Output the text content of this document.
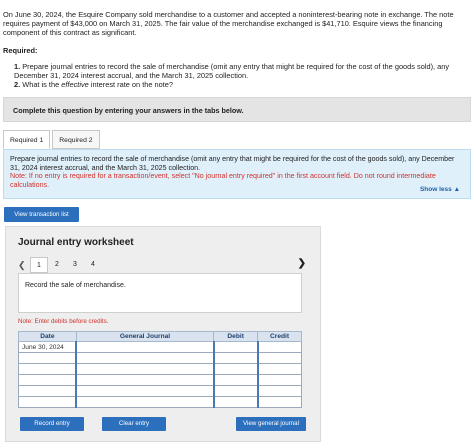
On June 30, 2024, the Esquire Company sold merchandise to a customer and accepted a noninterest-bearing note in exchange. The note requires payment of $43,000 on March 31, 2025. The fair value of the merchandise exchanged is $41,710. Esquire views the financing component of this contract as significant.
Required:
1. Prepare journal entries to record the sale of merchandise (omit any entry that might be required for the cost of the goods sold), any December 31, 2024 interest accrual, and the March 31, 2025 collection.
2. What is the effective interest rate on the note?
Complete this question by entering your answers in the tabs below.
Required 1	Required 2
Prepare journal entries to record the sale of merchandise (omit any entry that might be required for the cost of the goods sold), any December 31, 2024 interest accrual, and the March 31, 2025 collection.
Note: If no entry is required for a transaction/event, select "No journal entry required" in the first account field. Do not round intermediate calculations.
Show less ▲
View transaction list
Journal entry worksheet
❮	1	2	3	4	❯
Record the sale of merchandise.
Note: Enter debits before credits.
Date	General Journal	Debit	Credit
June 30, 2024			

Record entry	Clear entry	View general journal
